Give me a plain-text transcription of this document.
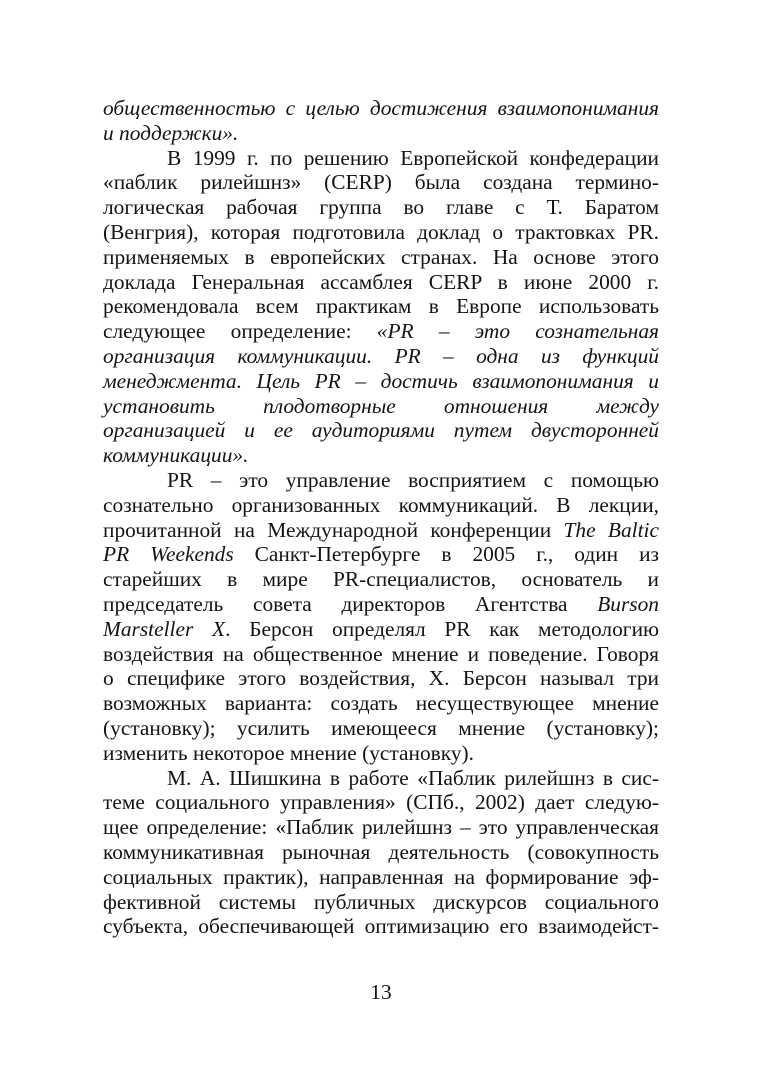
общественностью с целью достижения взаимопонимания
и поддержки».
В 1999 г. по решению Европейской конфедерации
«паблик рилейшнз» (CERP) была создана термино-
логическая рабочая группа во главе с Т. Баратом
(Венгрия), которая подготовила доклад о трактовках PR.
применяемых в европейских странах. На основе этого
доклада Генеральная ассамблея CERP в июне 2000 г.
рекомендовала всем практикам в Европе использовать
следующее определение: «PR – это сознательная
организация коммуникации. PR – одна из функций
менеджмента. Цель PR – достичь взаимопонимания и
установить плодотворные отношения между
организацией и ее аудиториями путем двусторонней
коммуникации».
PR – это управление восприятием с помощью
сознательно организованных коммуникаций. В лекции,
прочитанной на Международной конференции The Baltic
PR Weekends Санкт-Петербурге в 2005 г., один из
старейших в мире PR-специалистов, основатель и
председатель совета директоров Агентства Burson
Marsteller X. Берсон определял PR как методологию
воздействия на общественное мнение и поведение. Говоря
о специфике этого воздействия, Х. Берсон называл три
возможных варианта: создать несуществующее мнение
(установку); усилить имеющееся мнение (установку);
изменить некоторое мнение (установку).
М. А. Шишкина в работе «Паблик рилейшнз в сис-
теме социального управления» (СПб., 2002) дает следую-
щее определение: «Паблик рилейшнз – это управленческая
коммуникативная рыночная деятельность (совокупность
социальных практик), направленная на формирование эф-
фективной системы публичных дискурсов социального
субъекта, обеспечивающей оптимизацию его взаимодейст-
13
